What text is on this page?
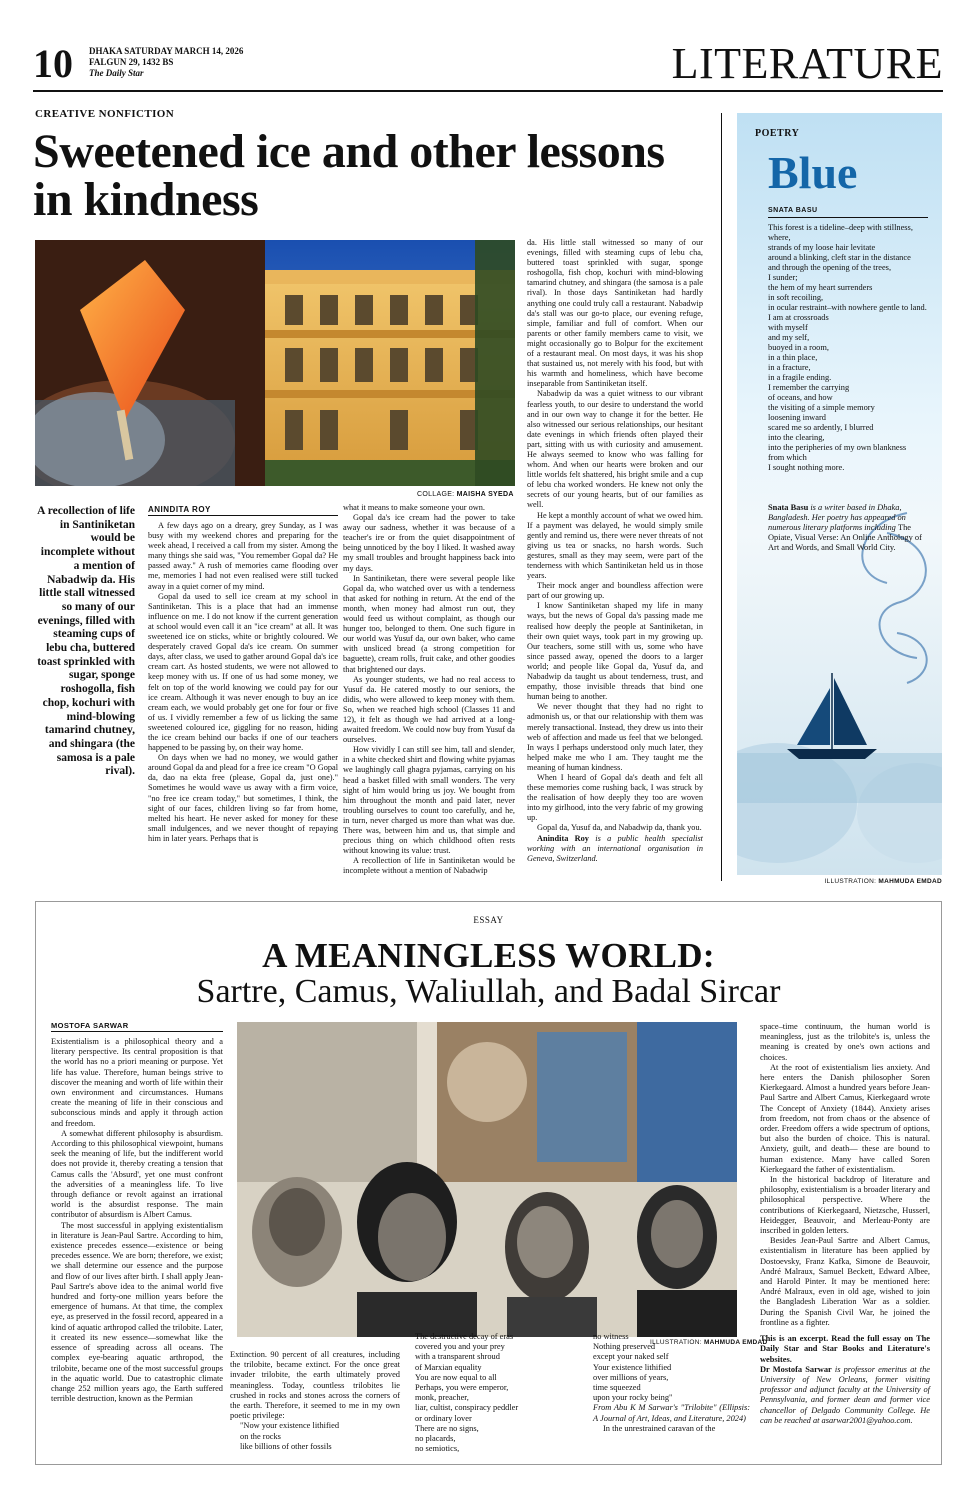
10 DHAKA SATURDAY MARCH 14, 2026
FALGUN 29, 1432 BS
The Daily Star	LITERATURE
CREATIVE NONFICTION
Sweetened ice and other lessons in kindness
COLLAGE: MAISHA SYEDA
A recollection of life in Santiniketan would be incomplete without a mention of Nabadwip da. His little stall witnessed so many of our evenings, filled with steaming cups of lebu cha, buttered toast sprinkled with sugar, sponge roshogolla, fish chop, kochuri with mind-blowing tamarind chutney, and shingara (the samosa is a pale rival).
ANINDITA ROY

A few days ago on a dreary, grey Sunday, as I was busy with my weekend chores and preparing for the week ahead, I received a call from my sister. Among the many things she said was, "You remember Gopal da? He passed away." A rush of memories came flooding over me, memories I had not even realised were still tucked away in a quiet corner of my mind.

Gopal da used to sell ice cream at my school in Santiniketan. This is a place that had an immense influence on me. I do not know if the current generation at school would even call it an "ice cream" at all. It was sweetened ice on sticks, white or brightly coloured. We desperately craved Gopal da's ice cream. On summer days, after class, we used to gather around Gopal da's ice cream cart. As hosted students, we were not allowed to keep money with us. If one of us had some money, we felt on top of the world knowing we could pay for our ice cream. Although it was never enough to buy an ice cream each, we would probably get one for four or five of us. I vividly remember a few of us licking the same sweetened coloured ice, giggling for no reason, hiding the ice cream behind our backs if one of our teachers happened to be passing by, on their way home.

On days when we had no money, we would gather around Gopal da and plead for a free ice cream "O Gopal da, dao na ekta free (please, Gopal da, just one)." Sometimes he would wave us away with a firm voice, "no free ice cream today," but sometimes, I think, the sight of our faces, children living so far from home, melted his heart. He never asked for money for these small indulgences, and we never thought of repaying him in later years. Perhaps that is

what it means to make someone your own.

Gopal da's ice cream had the power to take away our sadness, whether it was because of a teacher's ire or from the quiet disappointment of being unnoticed by the boy I liked. It washed away my small troubles and brought happiness back into my days.

In Santiniketan, there were several people like Gopal da, who watched over us with a tenderness that asked for nothing in return. At the end of the month, when money had almost run out, they would feed us without complaint, as though our hunger too, belonged to them. One such figure in our world was Yusuf da, our own baker, who came with unsliced bread (a strong competition for baguette), cream rolls, fruit cake, and other goodies that brightened our days.

As younger students, we had no real access to Yusuf da. He catered mostly to our seniors, the didis, who were allowed to keep money with them. So, when we reached high school (Classes 11 and 12), it felt as though we had arrived at a long-awaited freedom. We could now buy from Yusuf da ourselves.

How vividly I can still see him, tall and slender, in a white checked shirt and flowing white pyjamas we laughingly call ghagra pyjamas, carrying on his head a basket filled with small wonders. The very sight of him would bring us joy. We bought from him throughout the month and paid later, never troubling ourselves to count too carefully, and he, in turn, never charged us more than what was due. There was, between him and us, that simple and precious thing on which childhood often rests without knowing its value: trust.

A recollection of life in Santiniketan would be incomplete without a mention of Nabadwip

da. His little stall witnessed so many of our evenings, filled with steaming cups of lebu cha, buttered toast sprinkled with sugar, sponge roshogolla, fish chop, kochuri with mind-blowing tamarind chutney, and shingara (the samosa is a pale rival). In those days Santiniketan had hardly anything one could truly call a restaurant. Nabadwip da's stall was our go-to place, our evening refuge, simple, familiar and full of comfort. When our parents or other family members came to visit, we might occasionally go to Bolpur for the excitement of a restaurant meal. On most days, it was his shop that sustained us, not merely with his food, but with his warmth and homeliness, which have become inseparable from Santiniketan itself.

Nabadwip da was a quiet witness to our vibrant fearless youth, to our desire to understand the world and in our own way to change it for the better. He also witnessed our serious relationships, our hesitant date evenings in which friends often played their part, sitting with us with curiosity and amusement. He always seemed to know who was falling for whom. And when our hearts were broken and our little worlds felt shattered, his bright smile and a cup of lebu cha worked wonders. He knew not only the secrets of our young hearts, but of our families as well.

He kept a monthly account of what we owed him. If a payment was delayed, he would simply smile gently and remind us, there were never threats of not giving us tea or snacks, no harsh words. Such gestures, small as they may seem, were part of the tenderness with which Santiniketan held us in those years.

Their mock anger and boundless affection were part of our growing up.

I know Santiniketan shaped my life in many ways, but the news of Gopal da's passing made me realised how deeply the people at Santiniketan, in their own quiet ways, took part in my growing up. Our teachers, some still with us, some who have since passed away, opened the doors to a larger world; and people like Gopal da, Yusuf da, and Nabadwip da taught us about tenderness, trust, and empathy, those invisible threads that bind one human being to another.

We never thought that they had no right to admonish us, or that our relationship with them was merely transactional. Instead, they drew us into their web of affection and made us feel that we belonged. In ways I perhaps understood only much later, they helped make me who I am. They taught me the meaning of human kindness.

When I heard of Gopal da's death and felt all these memories come rushing back, I was struck by the realisation of how deeply they too are woven into my girlhood, into the very fabric of my growing up.

Gopal da, Yusuf da, and Nabadwip da, thank you.

Anindita Roy is a public health specialist working with an international organisation in Geneva, Switzerland.

POETRY
Blue
SNATA BASU
This forest is a tideline–deep with stillness,
where,
strands of my loose hair levitate
around a blinking, cleft star in the distance
and through the opening of the trees,
I sunder;
the hem of my heart surrenders
in soft recoiling,
in ocular restraint–with nowhere gentle to land.
I am at crossroads
with myself
and my self,
buoyed in a room,
in a thin place,
in a fracture,
in a fragile ending.
I remember the carrying
of oceans, and how
the visiting of a simple memory
loosening inward
scared me so ardently, I blurred
into the clearing,
into the peripheries of my own blankness
from which
I sought nothing more.
Snata Basu is a writer based in Dhaka, Bangladesh. Her poetry has appeared on numerous literary platforms including The Opiate, Visual Verse: An Online Anthology of Art and Words, and Small World City.
ILLUSTRATION: MAHMUDA EMDAD
ESSAY
A MEANINGLESS WORLD:
Sartre, Camus, Waliullah, and Badal Sircar
MOSTOFA SARWAR
ILLUSTRATION: MAHMUDA EMDAD

Existentialism is a philosophical theory and a literary perspective. Its central proposition is that the world has no a priori meaning or purpose. Yet life has value. Therefore, human beings strive to discover the meaning and worth of life within their own environment and circumstances. Humans create the meaning of life in their conscious and subconscious minds and apply it through action and freedom.

A somewhat different philosophy is absurdism. According to this philosophical viewpoint, humans seek the meaning of life, but the indifferent world does not provide it, thereby creating a tension that Camus calls the 'Absurd', yet one must confront the adversities of a meaningless life. To live through defiance or revolt against an irrational world is the absurdist response. The main contributor of absurdism is Albert Camus.

The most successful in applying existentialism in literature is Jean-Paul Sartre. According to him, existence precedes essence—existence or being precedes essence. We are born; therefore, we exist; we shall determine our essence and the purpose and flow of our lives after birth. I shall apply Jean-Paul Sartre's above idea to the animal world five hundred and forty-one million years before the emergence of humans. At that time, the complex eye, as preserved in the fossil record, appeared in a kind of aquatic arthropod called the trilobite. Later, it created its new essence—somewhat like the essence of spreading across all oceans. The complex eye-bearing aquatic arthropod, the trilobite, became one of the most successful groups in the aquatic world. Due to catastrophic climate change 252 million years ago, the Earth suffered terrible destruction, known as the Permian

Extinction. 90 percent of all creatures, including the trilobite, became extinct. For the once great invader trilobite, the earth ultimately proved meaningless. Today, countless trilobites lie crushed in rocks and stones across the corners of the earth. Therefore, it seemed to me in my own poetic privilege:

"Now your existence lithified
on the rocks
like billions of other fossils
The destructive decay of eras
covered you and your prey
with a transparent shroud
of Marxian equality
You are now equal to all
Perhaps, you were emperor,
monk, preacher,
liar, cultist, conspiracy peddler
or ordinary lover
There are no signs,
no placards,
no semiotics,
no witness
Nothing preserved
except your naked self
Your existence lithified
over millions of years,
time squeezed
upon your rocky being"

From Abu K M Sarwar's "Trilobite" (Ellipsis: A Journal of Art, Ideas, and Literature, 2024)

In the unrestrained caravan of the

space–time continuum, the human world is meaningless, just as the trilobite's is, unless the meaning is created by one's own actions and choices.

At the root of existentialism lies anxiety. And here enters the Danish philosopher Soren Kierkegaard. Almost a hundred years before Jean-Paul Sartre and Albert Camus, Kierkegaard wrote The Concept of Anxiety (1844). Anxiety arises from freedom, not from chaos or the absence of order. Freedom offers a wide spectrum of options, but also the burden of choice. This is natural. Anxiety, guilt, and death— these are bound to human existence. Many have called Soren Kierkegaard the father of existentialism.

In the historical backdrop of literature and philosophy, existentialism is a broader literary and philosophical perspective. Where the contributions of Kierkegaard, Nietzsche, Husserl, Heidegger, Beauvoir, and Merleau-Ponty are inscribed in golden letters.

Besides Jean-Paul Sartre and Albert Camus, existentialism in literature has been applied by Dostoevsky, Franz Kafka, Simone de Beauvoir, André Malraux, Samuel Beckett, Edward Albee, and Harold Pinter. It may be mentioned here: André Malraux, even in old age, wished to join the Bangladesh Liberation War as a soldier. During the Spanish Civil War, he joined the frontline as a fighter.

This is an excerpt. Read the full essay on The Daily Star and Star Books and Literature's websites.

Dr Mostofa Sarwar is professor emeritus at the University of New Orleans, former visiting professor and adjunct faculty at the University of Pennsylvania, and former dean and former vice chancellor of Delgado Community College. He can be reached at asarwar2001@yahoo.com.
